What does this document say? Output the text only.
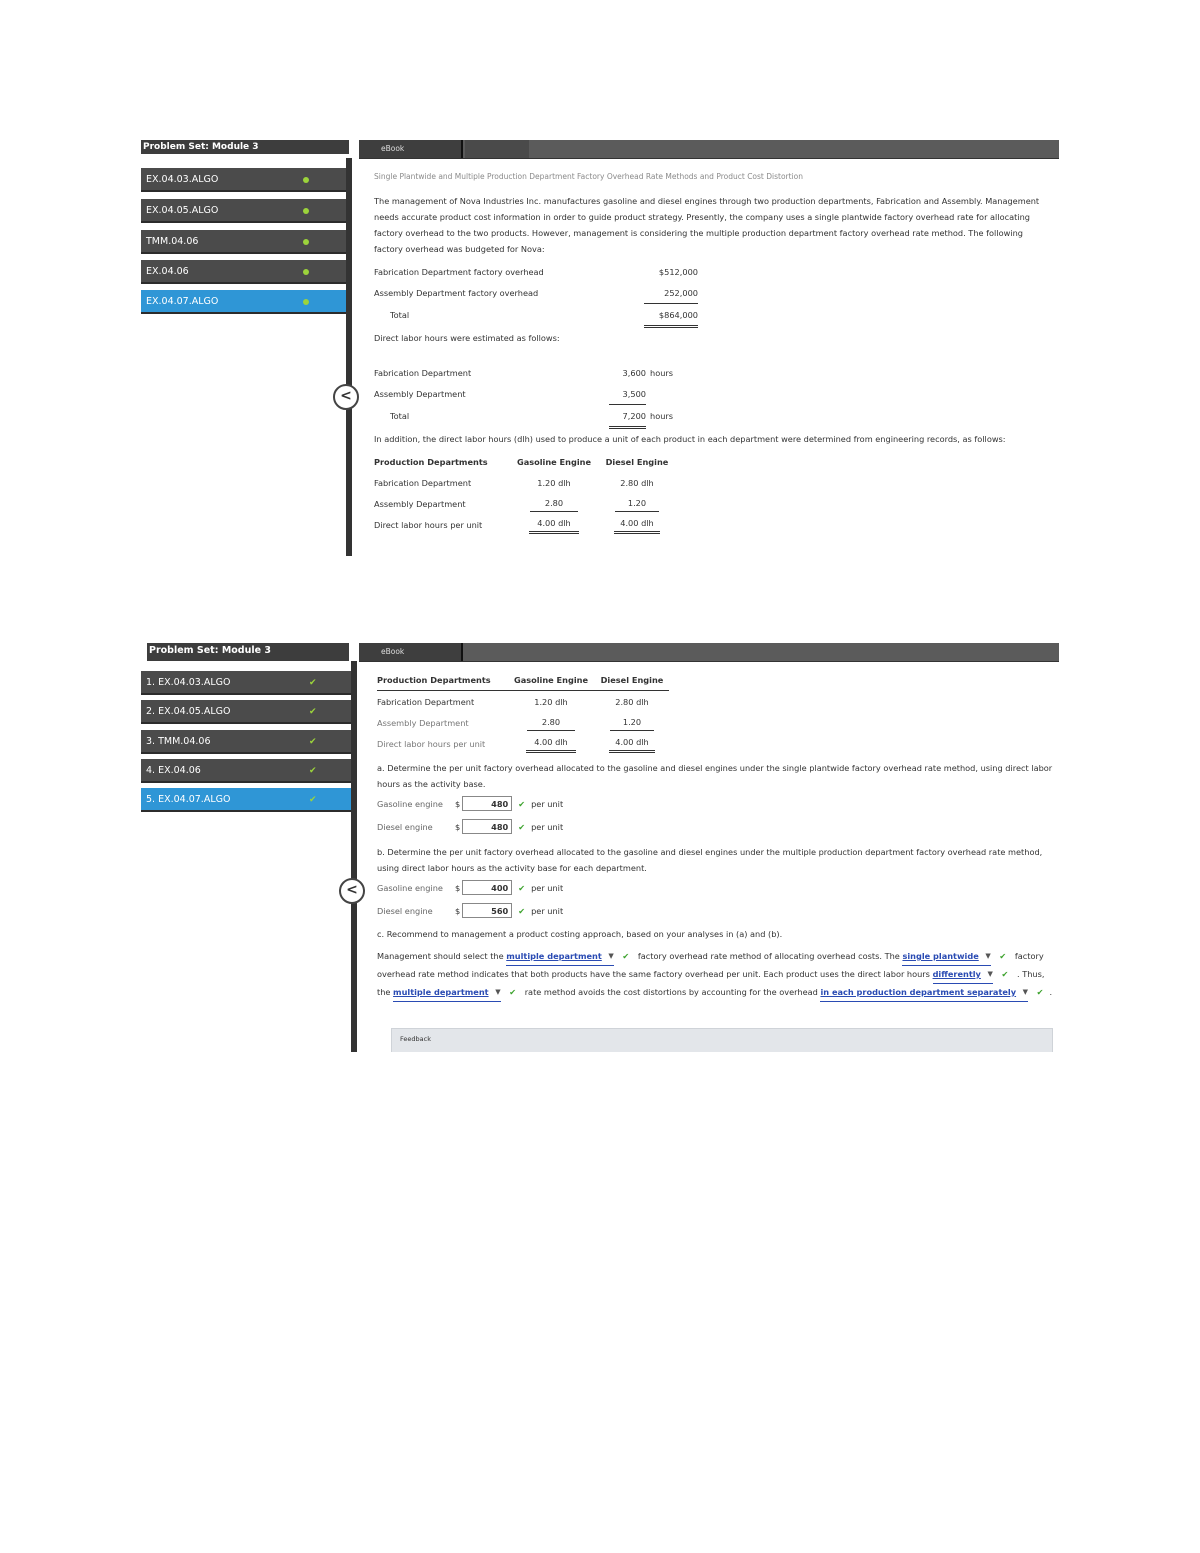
Problem Set: Module 3
EX.04.03.ALGO
EX.04.05.ALGO
TMM.04.06
EX.04.06
EX.04.07.ALGO
eBook
<
Single Plantwide and Multiple Production Department Factory Overhead Rate Methods and Product Cost Distortion

The management of Nova Industries Inc. manufactures gasoline and diesel engines through two production departments, Fabrication and Assembly. Management needs accurate product cost information in order to guide product strategy. Presently, the company uses a single plantwide factory overhead rate for allocating factory overhead to the two products. However, management is considering the multiple production department factory overhead rate method. The following factory overhead was budgeted for Nova:

Fabrication Department factory overhead	$512,000
Assembly Department factory overhead	252,000
Total	$864,000

Direct labor hours were estimated as follows:

Fabrication Department	3,600	hours
Assembly Department	3,500	
Total	7,200	hours

In addition, the direct labor hours (dlh) used to produce a unit of each product in each department were determined from engineering records, as follows:

Production Departments	Gasoline Engine	Diesel Engine
Fabrication Department	1.20 dlh	2.80 dlh
Assembly Department	2.80	1.20
Direct labor hours per unit	4.00 dlh	4.00 dlh
Problem Set: Module 3
1. EX.04.03.ALGO	✔
2. EX.04.05.ALGO	✔
3. TMM.04.06	✔
4. EX.04.06	✔
5. EX.04.07.ALGO	✔
eBook
<
Production Departments	Gasoline Engine	Diesel Engine
Fabrication Department	1.20 dlh	2.80 dlh
Assembly Department	2.80	1.20
Direct labor hours per unit	4.00 dlh	4.00 dlh

a. Determine the per unit factory overhead allocated to the gasoline and diesel engines under the single plantwide factory overhead rate method, using direct labor hours as the activity base.

Gasoline engine	$	480	✔ per unit
Diesel engine	$	480	✔ per unit

b. Determine the per unit factory overhead allocated to the gasoline and diesel engines under the multiple production department factory overhead rate method, using direct labor hours as the activity base for each department.

Gasoline engine	$	400	✔ per unit
Diesel engine	$	560	✔ per unit

c. Recommend to management a product costing approach, based on your analyses in (a) and (b).

Management should select the multiple department ▼ ✔ factory overhead rate method of allocating overhead costs. The single plantwide ▼ ✔ factory overhead rate method indicates that both products have the same factory overhead per unit. Each product uses the direct labor hours differently ▼ ✔ . Thus, the multiple department ▼ ✔ rate method avoids the cost distortions by accounting for the overhead in each production department separately ▼ ✔ .

Feedback
